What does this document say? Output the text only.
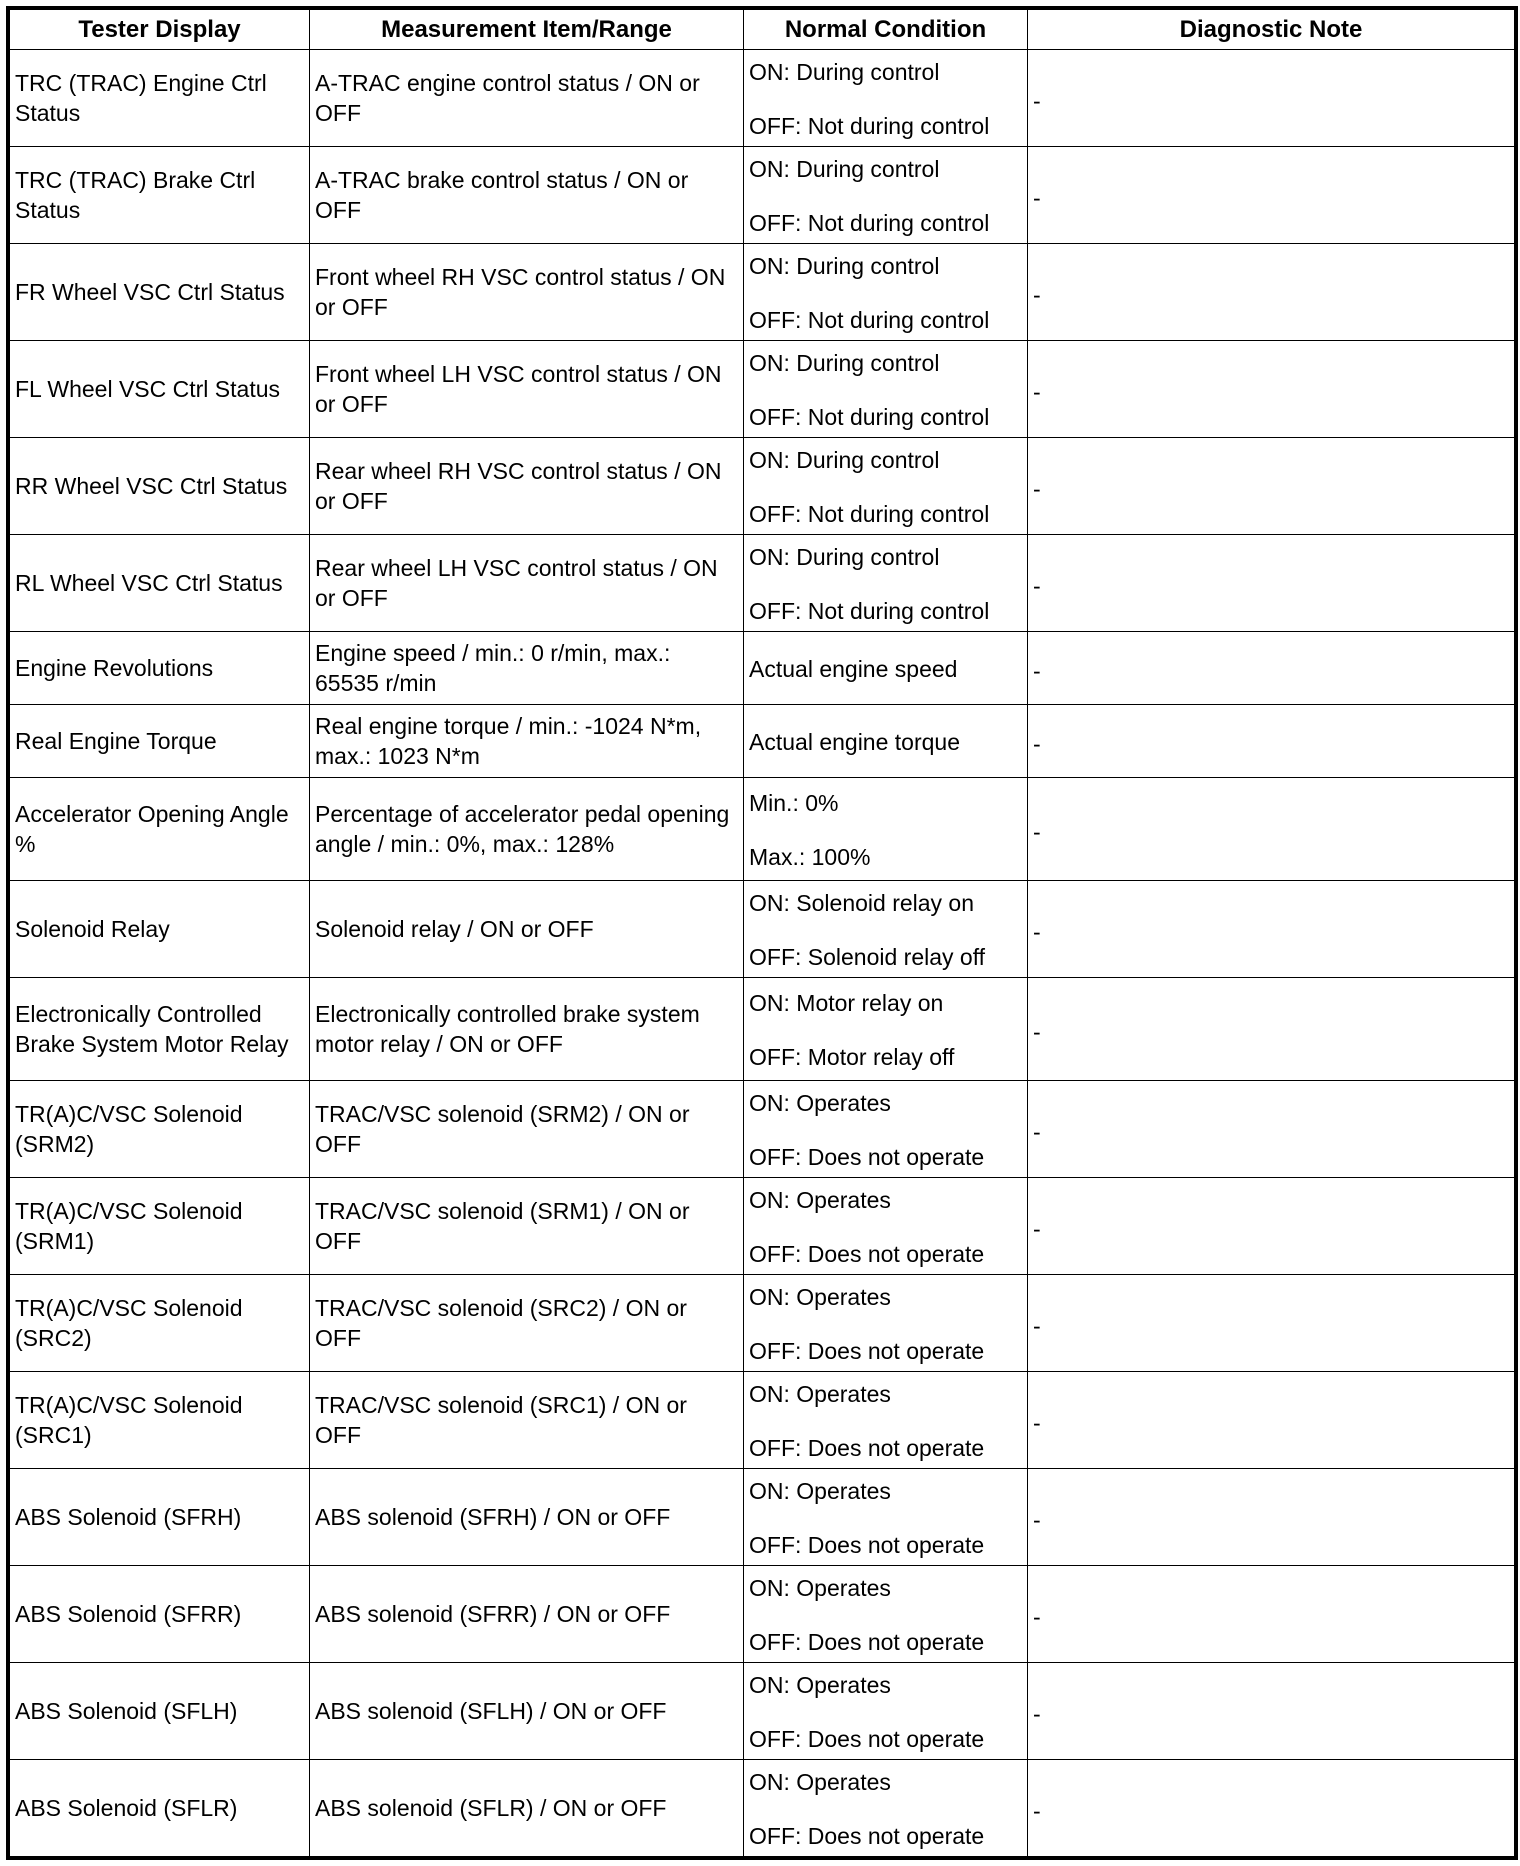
Tester Display	Measurement Item/Range	Normal Condition	Diagnostic Note
TRC (TRAC) Engine Ctrl Status	A-TRAC engine control status / ON or OFF	ON: During control
OFF: Not during control	-
TRC (TRAC) Brake Ctrl Status	A-TRAC brake control status / ON or OFF	ON: During control
OFF: Not during control	-
FR Wheel VSC Ctrl Status	Front wheel RH VSC control status / ON or OFF	ON: During control
OFF: Not during control	-
FL Wheel VSC Ctrl Status	Front wheel LH VSC control status / ON or OFF	ON: During control
OFF: Not during control	-
RR Wheel VSC Ctrl Status	Rear wheel RH VSC control status / ON or OFF	ON: During control
OFF: Not during control	-
RL Wheel VSC Ctrl Status	Rear wheel LH VSC control status / ON or OFF	ON: During control
OFF: Not during control	-
Engine Revolutions	Engine speed / min.: 0 r/min, max.: 65535 r/min	Actual engine speed	-
Real Engine Torque	Real engine torque / min.: -1024 N*m, max.: 1023 N*m	Actual engine torque	-
Accelerator Opening Angle %	Percentage of accelerator pedal opening angle / min.: 0%, max.: 128%	Min.: 0%
Max.: 100%	-
Solenoid Relay	Solenoid relay / ON or OFF	ON: Solenoid relay on
OFF: Solenoid relay off	-
Electronically Controlled Brake System Motor Relay	Electronically controlled brake system motor relay / ON or OFF	ON: Motor relay on
OFF: Motor relay off	-
TR(A)C/VSC Solenoid (SRM2)	TRAC/VSC solenoid (SRM2) / ON or OFF	ON: Operates
OFF: Does not operate	-
TR(A)C/VSC Solenoid (SRM1)	TRAC/VSC solenoid (SRM1) / ON or OFF	ON: Operates
OFF: Does not operate	-
TR(A)C/VSC Solenoid (SRC2)	TRAC/VSC solenoid (SRC2) / ON or OFF	ON: Operates
OFF: Does not operate	-
TR(A)C/VSC Solenoid (SRC1)	TRAC/VSC solenoid (SRC1) / ON or OFF	ON: Operates
OFF: Does not operate	-
ABS Solenoid (SFRH)	ABS solenoid (SFRH) / ON or OFF	ON: Operates
OFF: Does not operate	-
ABS Solenoid (SFRR)	ABS solenoid (SFRR) / ON or OFF	ON: Operates
OFF: Does not operate	-
ABS Solenoid (SFLH)	ABS solenoid (SFLH) / ON or OFF	ON: Operates
OFF: Does not operate	-
ABS Solenoid (SFLR)	ABS solenoid (SFLR) / ON or OFF	ON: Operates
OFF: Does not operate	-
